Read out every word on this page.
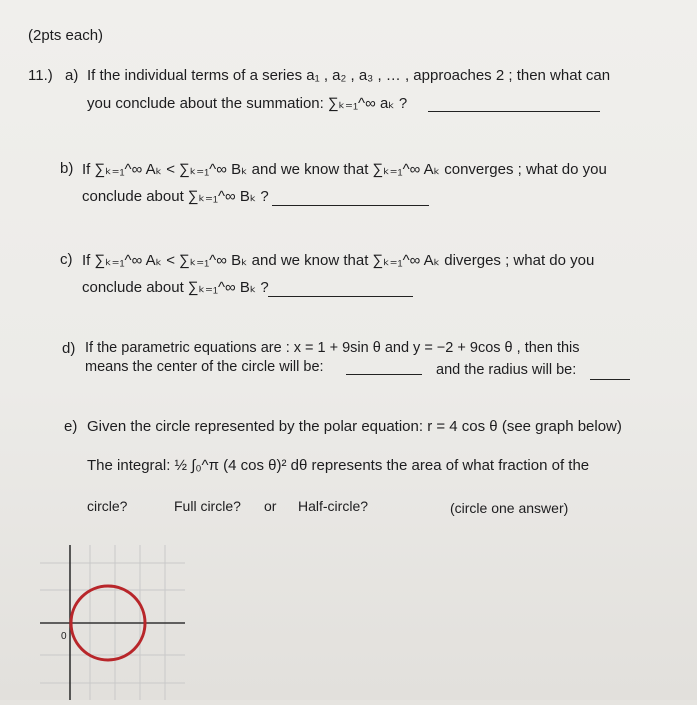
(2pts each)
11.) a) If the individual terms of a series a₁ , a₂ , a₃ , … , approaches 2 ; then what can
you conclude about the summation: ∑ₖ₌₁^∞ aₖ ?
b) If ∑ₖ₌₁^∞ Aₖ < ∑ₖ₌₁^∞ Bₖ and we know that ∑ₖ₌₁^∞ Aₖ converges ; what do you
conclude about ∑ₖ₌₁^∞ Bₖ ?
c) If ∑ₖ₌₁^∞ Aₖ < ∑ₖ₌₁^∞ Bₖ and we know that ∑ₖ₌₁^∞ Aₖ diverges ; what do you
conclude about ∑ₖ₌₁^∞ Bₖ ?
d) If the parametric equations are : x = 1 + 9sin θ and y = −2 + 9cos θ , then this
means the center of the circle will be:	and the radius will be:
e) Given the circle represented by the polar equation: r = 4 cos θ (see graph below)
The integral: ½ ∫₀^π (4 cos θ)² dθ represents the area of what fraction of the
circle?	Full circle? or Half-circle?	(circle one answer)
0
